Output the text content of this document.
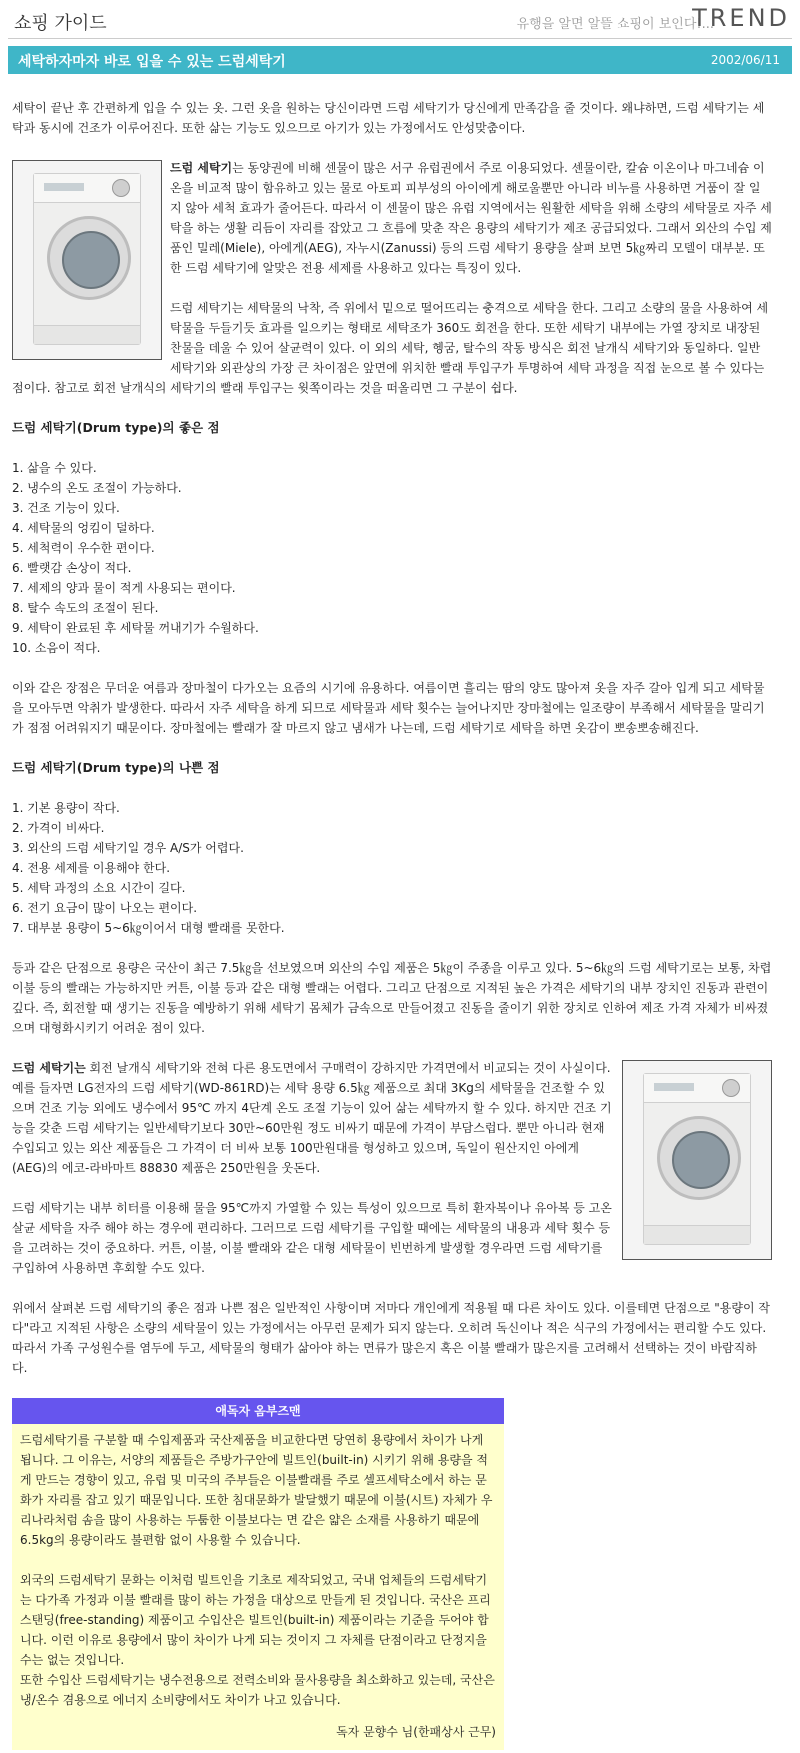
쇼핑 가이드	유행을 알면 알뜰 쇼핑이 보인다!...
TREND
세탁하자마자 바로 입을 수 있는 드럼세탁기	2002/06/11

세탁이 끝난 후 간편하게 입을 수 있는 옷. 그런 옷을 원하는 당신이라면 드럼 세탁기가 당신에게 만족감을 줄 것이다. 왜냐하면, 드럼 세탁기는 세탁과 동시에 건조가 이루어진다. 또한 삶는 기능도 있으므로 아기가 있는 가정에서도 안성맞춤이다.

드럼 세탁기는 동양권에 비해 센물이 많은 서구 유럽권에서 주로 이용되었다. 센물이란, 칼슘 이온이나 마그네슘 이온을 비교적 많이 함유하고 있는 물로 아토피 피부성의 아이에게 해로울뿐만 아니라 비누를 사용하면 거품이 잘 일지 않아 세척 효과가 줄어든다. 따라서 이 센물이 많은 유럽 지역에서는 원활한 세탁을 위해 소량의 세탁물로 자주 세탁을 하는 생활 리듬이 자리를 잡았고 그 흐름에 맞춘 작은 용량의 세탁기가 제조 공급되었다. 그래서 외산의 수입 제품인 밀레(Miele), 아에게(AEG), 자누시(Zanussi) 등의 드럼 세탁기 용량을 살펴 보면 5㎏짜리 모델이 대부분. 또한 드럼 세탁기에 알맞은 전용 세제를 사용하고 있다는 특징이 있다.

드럼 세탁기는 세탁물의 낙착, 즉 위에서 밑으로 떨어뜨리는 충격으로 세탁을 한다. 그리고 소량의 물을 사용하여 세탁물을 두들기듯 효과를 일으키는 형태로 세탁조가 360도 회전을 한다. 또한 세탁기 내부에는 가열 장치로 내장된 찬물을 데울 수 있어 살균력이 있다. 이 외의 세탁, 헹굼, 탈수의 작동 방식은 회전 날개식 세탁기와 동일하다. 일반 세탁기와 외관상의 가장 큰 차이점은 앞면에 위치한 빨래 투입구가 투명하여 세탁 과정을 직접 눈으로 볼 수 있다는 점이다. 참고로 회전 날개식의 세탁기의 빨래 투입구는 윗쪽이라는 것을 떠올리면 그 구분이 쉽다.

드럼 세탁기(Drum type)의 좋은 점
1. 삶을 수 있다.
2. 냉수의 온도 조절이 가능하다.
3. 건조 기능이 있다.
4. 세탁물의 엉킴이 덜하다.
5. 세척력이 우수한 편이다.
6. 빨랫감 손상이 적다.
7. 세제의 양과 물이 적게 사용되는 편이다.
8. 탈수 속도의 조절이 된다.
9. 세탁이 완료된 후 세탁물 꺼내기가 수월하다.
10. 소음이 적다.

이와 같은 장점은 무더운 여름과 장마철이 다가오는 요즘의 시기에 유용하다. 여름이면 흘리는 땀의 양도 많아져 옷을 자주 갈아 입게 되고 세탁물을 모아두면 악취가 발생한다. 따라서 자주 세탁을 하게 되므로 세탁물과 세탁 횟수는 늘어나지만 장마철에는 일조량이 부족해서 세탁물을 말리기가 점점 어려워지기 때문이다. 장마철에는 빨래가 잘 마르지 않고 냄새가 나는데, 드럼 세탁기로 세탁을 하면 옷감이 뽀송뽀송해진다.

드럼 세탁기(Drum type)의 나쁜 점
1. 기본 용량이 작다.
2. 가격이 비싸다.
3. 외산의 드럼 세탁기일 경우 A/S가 어렵다.
4. 전용 세제를 이용해야 한다.
5. 세탁 과정의 소요 시간이 길다.
6. 전기 요금이 많이 나오는 편이다.
7. 대부분 용량이 5~6㎏이어서 대형 빨래를 못한다.

등과 같은 단점으로 용량은 국산이 최근 7.5㎏을 선보였으며 외산의 수입 제품은 5㎏이 주종을 이루고 있다. 5~6㎏의 드럼 세탁기로는 보통, 차렵 이불 등의 빨래는 가능하지만 커튼, 이불 등과 같은 대형 빨래는 어렵다. 그리고 단점으로 지적된 높은 가격은 세탁기의 내부 장치인 진동과 관련이 깊다. 즉, 회전할 때 생기는 진동을 예방하기 위해 세탁기 몸체가 금속으로 만들어졌고 진동을 줄이기 위한 장치로 인하여 제조 가격 자체가 비싸졌으며 대형화시키기 어려운 점이 있다.

드럼 세탁기는 회전 날개식 세탁기와 전혀 다른 용도면에서 구매력이 강하지만 가격면에서 비교되는 것이 사실이다. 예를 들자면 LG전자의 드럼 세탁기(WD-861RD)는 세탁 용량 6.5㎏ 제품으로 최대 3Kg의 세탁물을 건조할 수 있으며 건조 기능 외에도 냉수에서 95℃ 까지 4단계 온도 조절 기능이 있어 삶는 세탁까지 할 수 있다. 하지만 건조 기능을 갖춘 드럼 세탁기는 일반세탁기보다 30만~60만원 정도 비싸기 때문에 가격이 부담스럽다. 뿐만 아니라 현재 수입되고 있는 외산 제품들은 그 가격이 더 비싸 보통 100만원대를 형성하고 있으며, 독일이 원산지인 아에게(AEG)의 에코-라바마트 88830 제품은 250만원을 웃돈다.

드럼 세탁기는 내부 히터를 이용해 물을 95℃까지 가열할 수 있는 특성이 있으므로 특히 환자복이나 유아복 등 고온 살균 세탁을 자주 해야 하는 경우에 편리하다. 그러므로 드럼 세탁기를 구입할 때에는 세탁물의 내용과 세탁 횟수 등을 고려하는 것이 중요하다. 커튼, 이불, 이불 빨래와 같은 대형 세탁물이 빈번하게 발생할 경우라면 드럼 세탁기를 구입하여 사용하면 후회할 수도 있다.

위에서 살펴본 드럼 세탁기의 좋은 점과 나쁜 점은 일반적인 사항이며 저마다 개인에게 적용될 때 다른 차이도 있다. 이를테면 단점으로 "용량이 작다"라고 지적된 사항은 소량의 세탁물이 있는 가정에서는 아무런 문제가 되지 않는다. 오히려 독신이나 적은 식구의 가정에서는 편리할 수도 있다. 따라서 가족 구성원수를 염두에 두고, 세탁물의 형태가 삶아야 하는 면류가 많은지 혹은 이불 빨래가 많은지를 고려해서 선택하는 것이 바람직하다.

애독자 옴부즈맨

드럼세탁기를 구분할 때 수입제품과 국산제품을 비교한다면 당연히 용량에서 차이가 나게 됩니다. 그 이유는, 서양의 제품들은 주방가구안에 빌트인(built-in) 시키기 위해 용량을 적게 만드는 경향이 있고, 유럽 및 미국의 주부들은 이불빨래를 주로 셀프세탁소에서 하는 문화가 자리를 잡고 있기 때문입니다. 또한 침대문화가 발달했기 때문에 이불(시트) 자체가 우리나라처럼 솜을 많이 사용하는 두툼한 이불보다는 면 같은 얇은 소재를 사용하기 때문에 6.5kg의 용량이라도 불편함 없이 사용할 수 있습니다.

외국의 드럼세탁기 문화는 이처럼 빌트인을 기초로 제작되었고, 국내 업체들의 드럼세탁기는 다가족 가정과 이불 빨래를 많이 하는 가정을 대상으로 만들게 된 것입니다. 국산은 프리스탠딩(free-standing) 제품이고 수입산은 빌트인(built-in) 제품이라는 기준을 두어야 합니다. 이런 이유로 용량에서 많이 차이가 나게 되는 것이지 그 자체를 단점이라고 단정지을 수는 없는 것입니다.

또한 수입산 드럼세탁기는 냉수전용으로 전력소비와 물사용량을 최소화하고 있는데, 국산은 냉/온수 겸용으로 에너지 소비량에서도 차이가 나고 있습니다.

독자 문향수 님(한패상사 근무)
